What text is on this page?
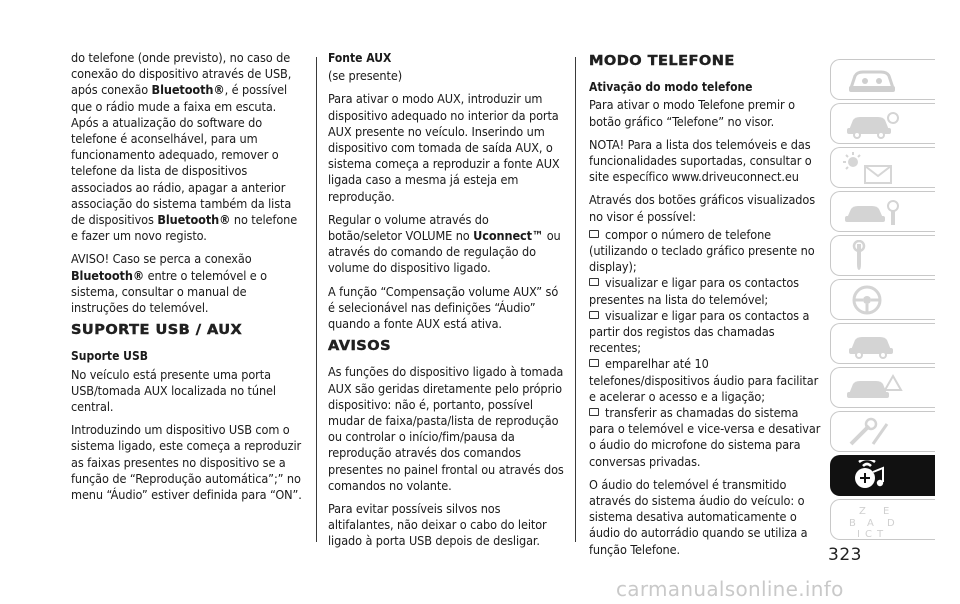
do telefone (onde previsto), no caso de conexão do dispositivo através de USB, após conexão Bluetooth®, é possível que o rádio mude a faixa em escuta. Após a atualização do software do telefone é aconselhável, para um funcionamento adequado, remover o telefone da lista de dispositivos associados ao rádio, apagar a anterior associação do sistema também da lista de dispositivos Bluetooth® no telefone e fazer um novo registo.

AVISO! Caso se perca a conexão Bluetooth® entre o telemóvel e o sistema, consultar o manual de instruções do telemóvel.

SUPORTE USB / AUX
Suporte USB

No veículo está presente uma porta USB/tomada AUX localizada no túnel central.

Introduzindo um dispositivo USB com o sistema ligado, este começa a reproduzir as faixas presentes no dispositivo se a função de “Reprodução automática”;” no menu “Áudio” estiver definida para “ON”.

Fonte AUX

(se presente)

Para ativar o modo AUX, introduzir um dispositivo adequado no interior da porta AUX presente no veículo. Inserindo um dispositivo com tomada de saída AUX, o sistema começa a reproduzir a fonte AUX ligada caso a mesma já esteja em reprodução.

Regular o volume através do botão/seletor VOLUME no Uconnect™ ou através do comando de regulação do volume do dispositivo ligado.

A função “Compensação volume AUX” só é selecionável nas definições “Áudio” quando a fonte AUX está ativa.

AVISOS

As funções do dispositivo ligado à tomada AUX são geridas diretamente pelo próprio dispositivo: não é, portanto, possível mudar de faixa/pasta/lista de reprodução ou controlar o início/fim/pausa da reprodução através dos comandos presentes no painel frontal ou através dos comandos no volante.

Para evitar possíveis silvos nos altifalantes, não deixar o cabo do leitor ligado à porta USB depois de desligar.

MODO TELEFONE
Ativação do modo telefone

Para ativar o modo Telefone premir o botão gráfico “Telefone” no visor.

NOTA! Para a lista dos telemóveis e das funcionalidades suportadas, consultar o site específico www.driveuconnect.eu

Através dos botões gráficos visualizados no visor é possível:

compor o número de telefone (utilizando o teclado gráfico presente no display);
visualizar e ligar para os contactos presentes na lista do telemóvel;
visualizar e ligar para os contactos a partir dos registos das chamadas recentes;
emparelhar até 10 telefones/dispositivos áudio para facilitar e acelerar o acesso e a ligação;
transferir as chamadas do sistema para o telemóvel e vice-versa e desativar o áudio do microfone do sistema para conversas privadas.

O áudio do telemóvel é transmitido através do sistema áudio do veículo: o sistema desativa automaticamente o áudio do autorrádio quando se utiliza a função Telefone.

Z E
B A D
I C T
323
carmanualsonline.info
